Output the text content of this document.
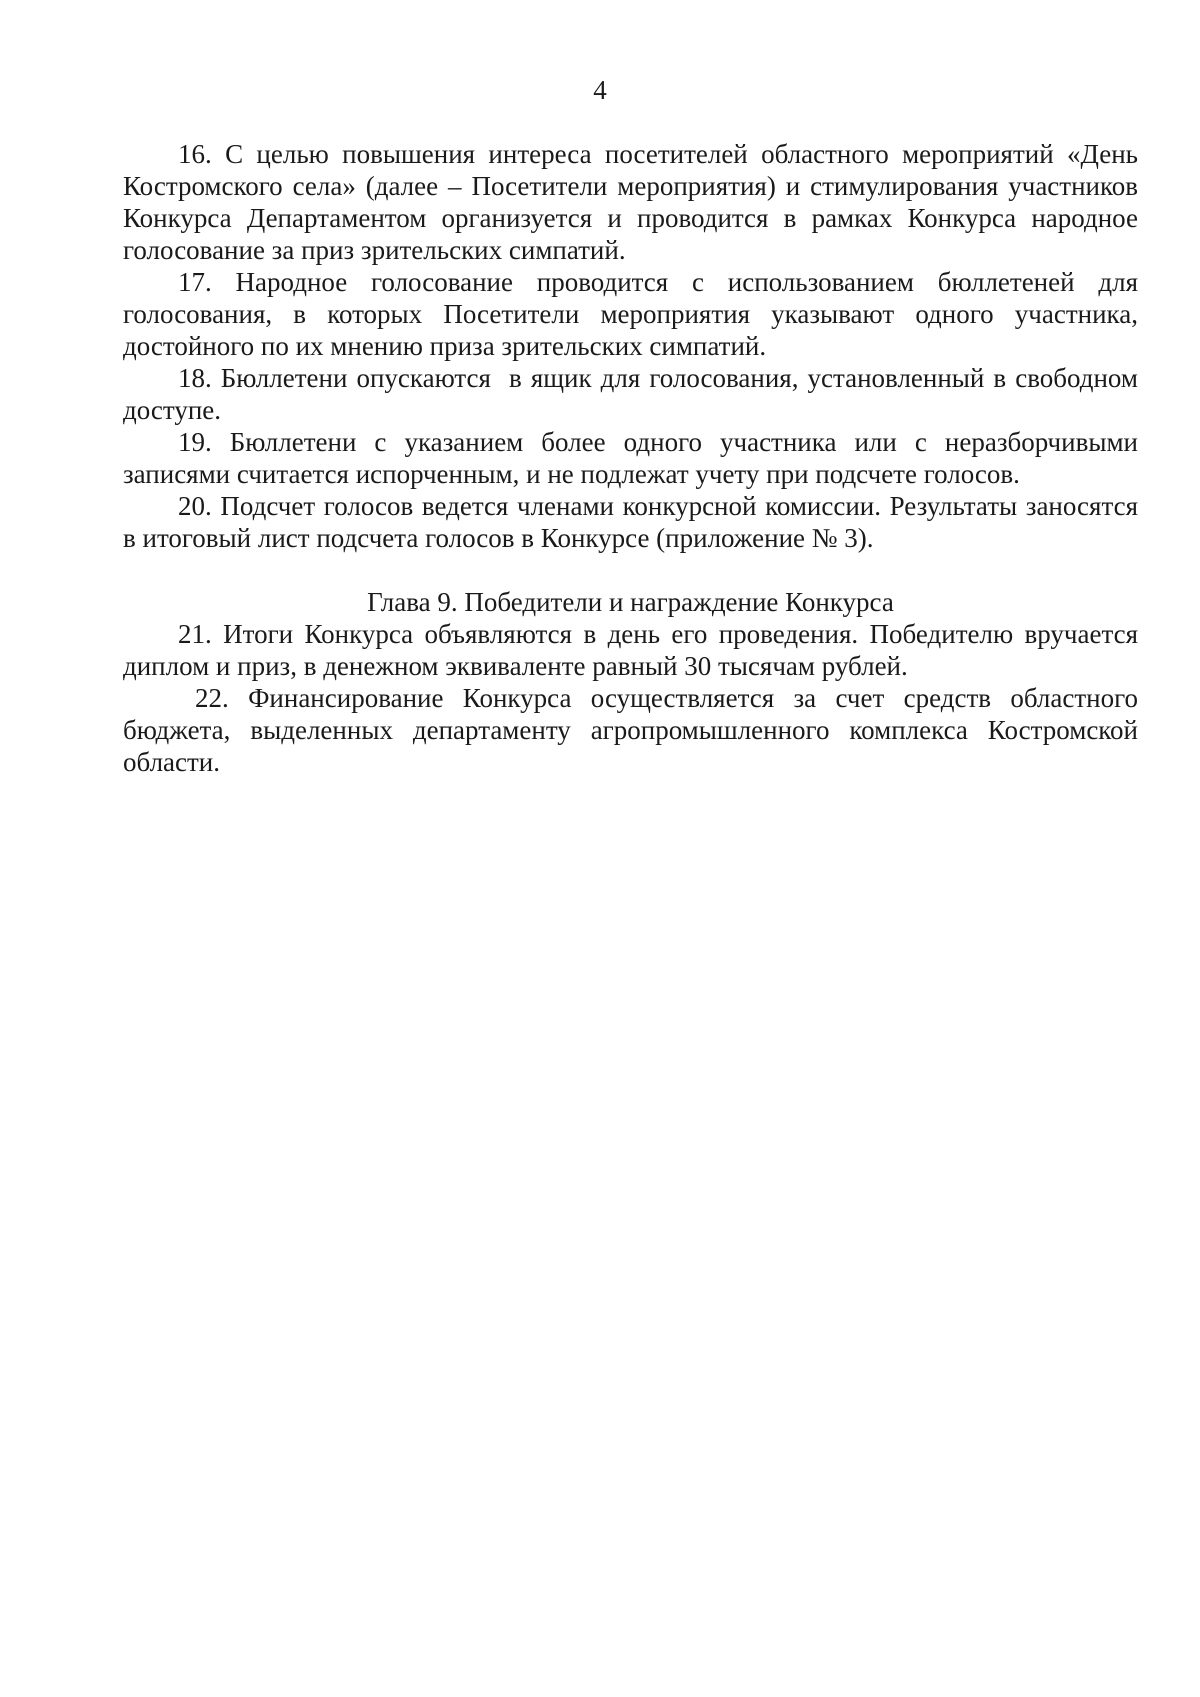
4

16. С целью повышения интереса посетителей областного мероприятий «День Костромского села» (далее – Посетители мероприятия) и стимулирования участников Конкурса Департаментом организуется и проводится в рамках Конкурса народное голосование за приз зрительских симпатий.

17. Народное голосование проводится с использованием бюллетеней для голосования, в которых Посетители мероприятия указывают одного участника, достойного по их мнению приза зрительских симпатий.

18. Бюллетени опускаются  в ящик для голосования, установленный в свободном доступе.

19. Бюллетени с указанием более одного участника или с неразборчивыми записями считается испорченным, и не подлежат учету при подсчете голосов.

20. Подсчет голосов ведется членами конкурсной комиссии. Результаты заносятся в итоговый лист подсчета голосов в Конкурсе (приложение № 3).

Глава 9. Победители и награждение Конкурса

21. Итоги Конкурса объявляются в день его проведения. Победителю вручается  диплом и приз, в денежном эквиваленте равный 30 тысячам рублей.

22. Финансирование Конкурса осуществляется за счет средств областного бюджета, выделенных департаменту агропромышленного комплекса Костромской области.
